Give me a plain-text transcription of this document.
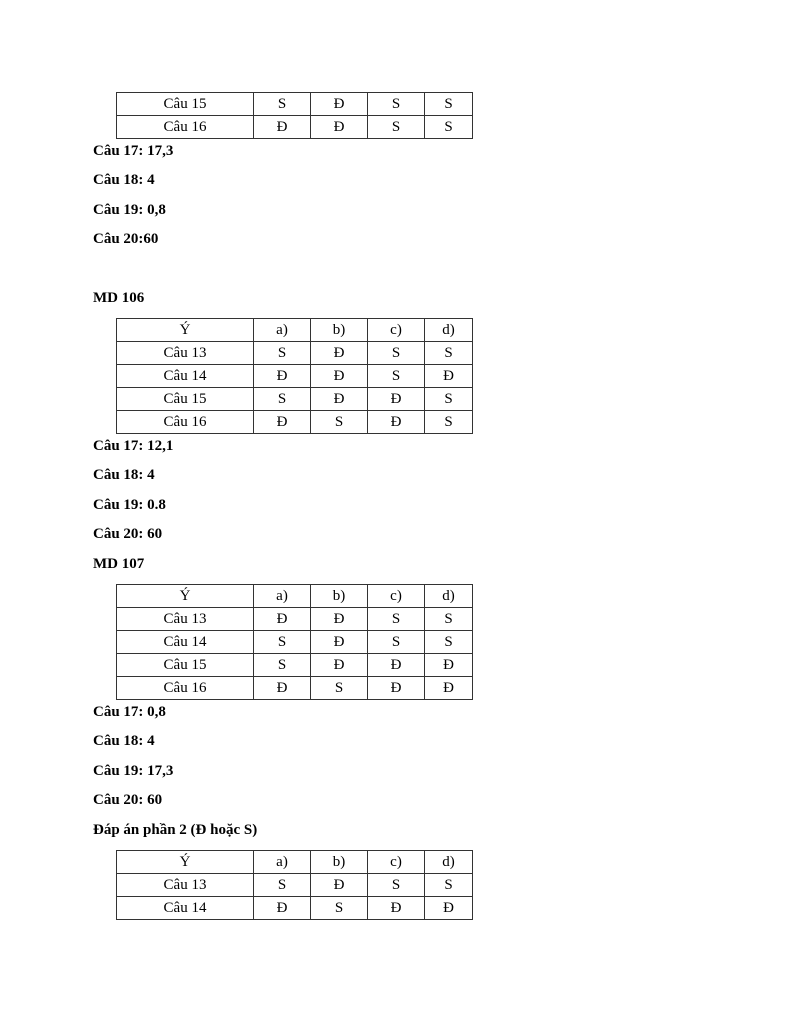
Câu 15	S	Đ	S	S
Câu 16	Đ	Đ	S	S
Câu 17: 17,3
Câu 18: 4
Câu 19: 0,8
Câu 20:60
MD 106
Ý	a)	b)	c)	d)
Câu 13	S	Đ	S	S
Câu 14	Đ	Đ	S	Đ
Câu 15	S	Đ	Đ	S
Câu 16	Đ	S	Đ	S
Câu 17: 12,1
Câu 18: 4
Câu 19: 0.8
Câu 20: 60
MD 107
Ý	a)	b)	c)	d)
Câu 13	Đ	Đ	S	S
Câu 14	S	Đ	S	S
Câu 15	S	Đ	Đ	Đ
Câu 16	Đ	S	Đ	Đ
Câu 17: 0,8
Câu 18: 4
Câu 19: 17,3
Câu 20: 60
Đáp án phần 2 (Đ hoặc S)
Ý	a)	b)	c)	d)
Câu 13	S	Đ	S	S
Câu 14	Đ	S	Đ	Đ
